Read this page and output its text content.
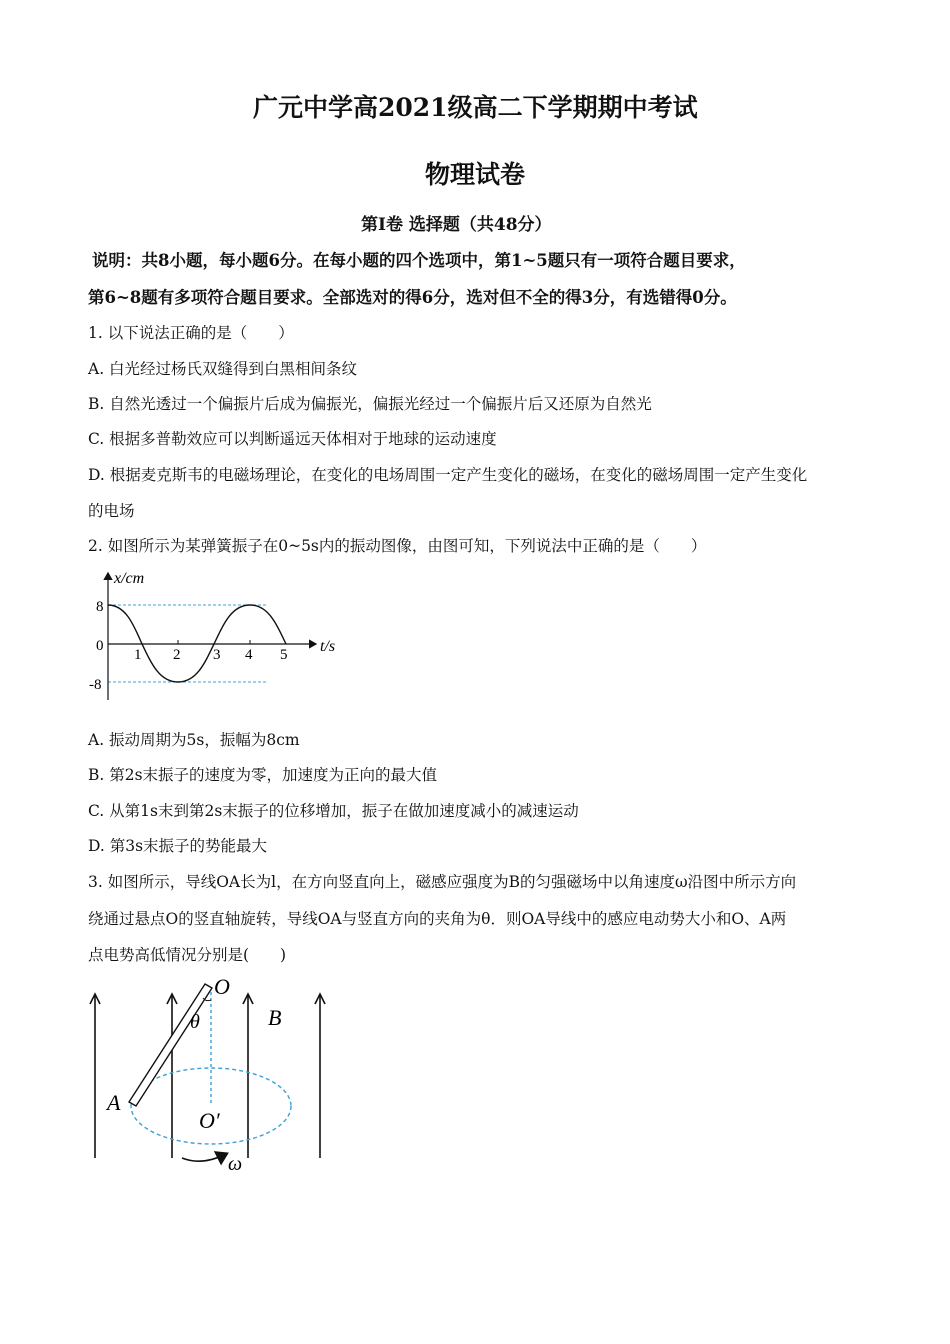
广元中学高2021级高二下学期期中考试
物理试卷
第I卷 选择题（共48分）
说明：共8小题，每小题6分。在每小题的四个选项中，第1~5题只有一项符合题目要求，
第6~8题有多项符合题目要求。全部选对的得6分，选对但不全的得3分，有选错得0分。
1. 以下说法正确的是（　　）
A. 白光经过杨氏双缝得到白黑相间条纹
B. 自然光透过一个偏振片后成为偏振光，偏振光经过一个偏振片后又还原为自然光
C. 根据多普勒效应可以判断遥远天体相对于地球的运动速度
D. 根据麦克斯韦的电磁场理论，在变化的电场周围一定产生变化的磁场，在变化的磁场周围一定产生变化
的电场
2. 如图所示为某弹簧振子在0~5s内的振动图像，由图可知，下列说法中正确的是（　　）
x/cm
t/s
8
0
-8
1 2 3 4 5
A. 振动周期为5s，振幅为8cm
B. 第2s末振子的速度为零，加速度为正向的最大值
C. 从第1s末到第2s末振子的位移增加，振子在做加速度减小的减速运动
D. 第3s末振子的势能最大
3. 如图所示，导线OA长为l，在方向竖直向上，磁感应强度为B的匀强磁场中以角速度ω沿图中所示方向
绕通过悬点O的竖直轴旋转，导线OA与竖直方向的夹角为θ．则OA导线中的感应电动势大小和O、A两
点电势高低情况分别是(　　)
O
θ	B
A
O′
ω
